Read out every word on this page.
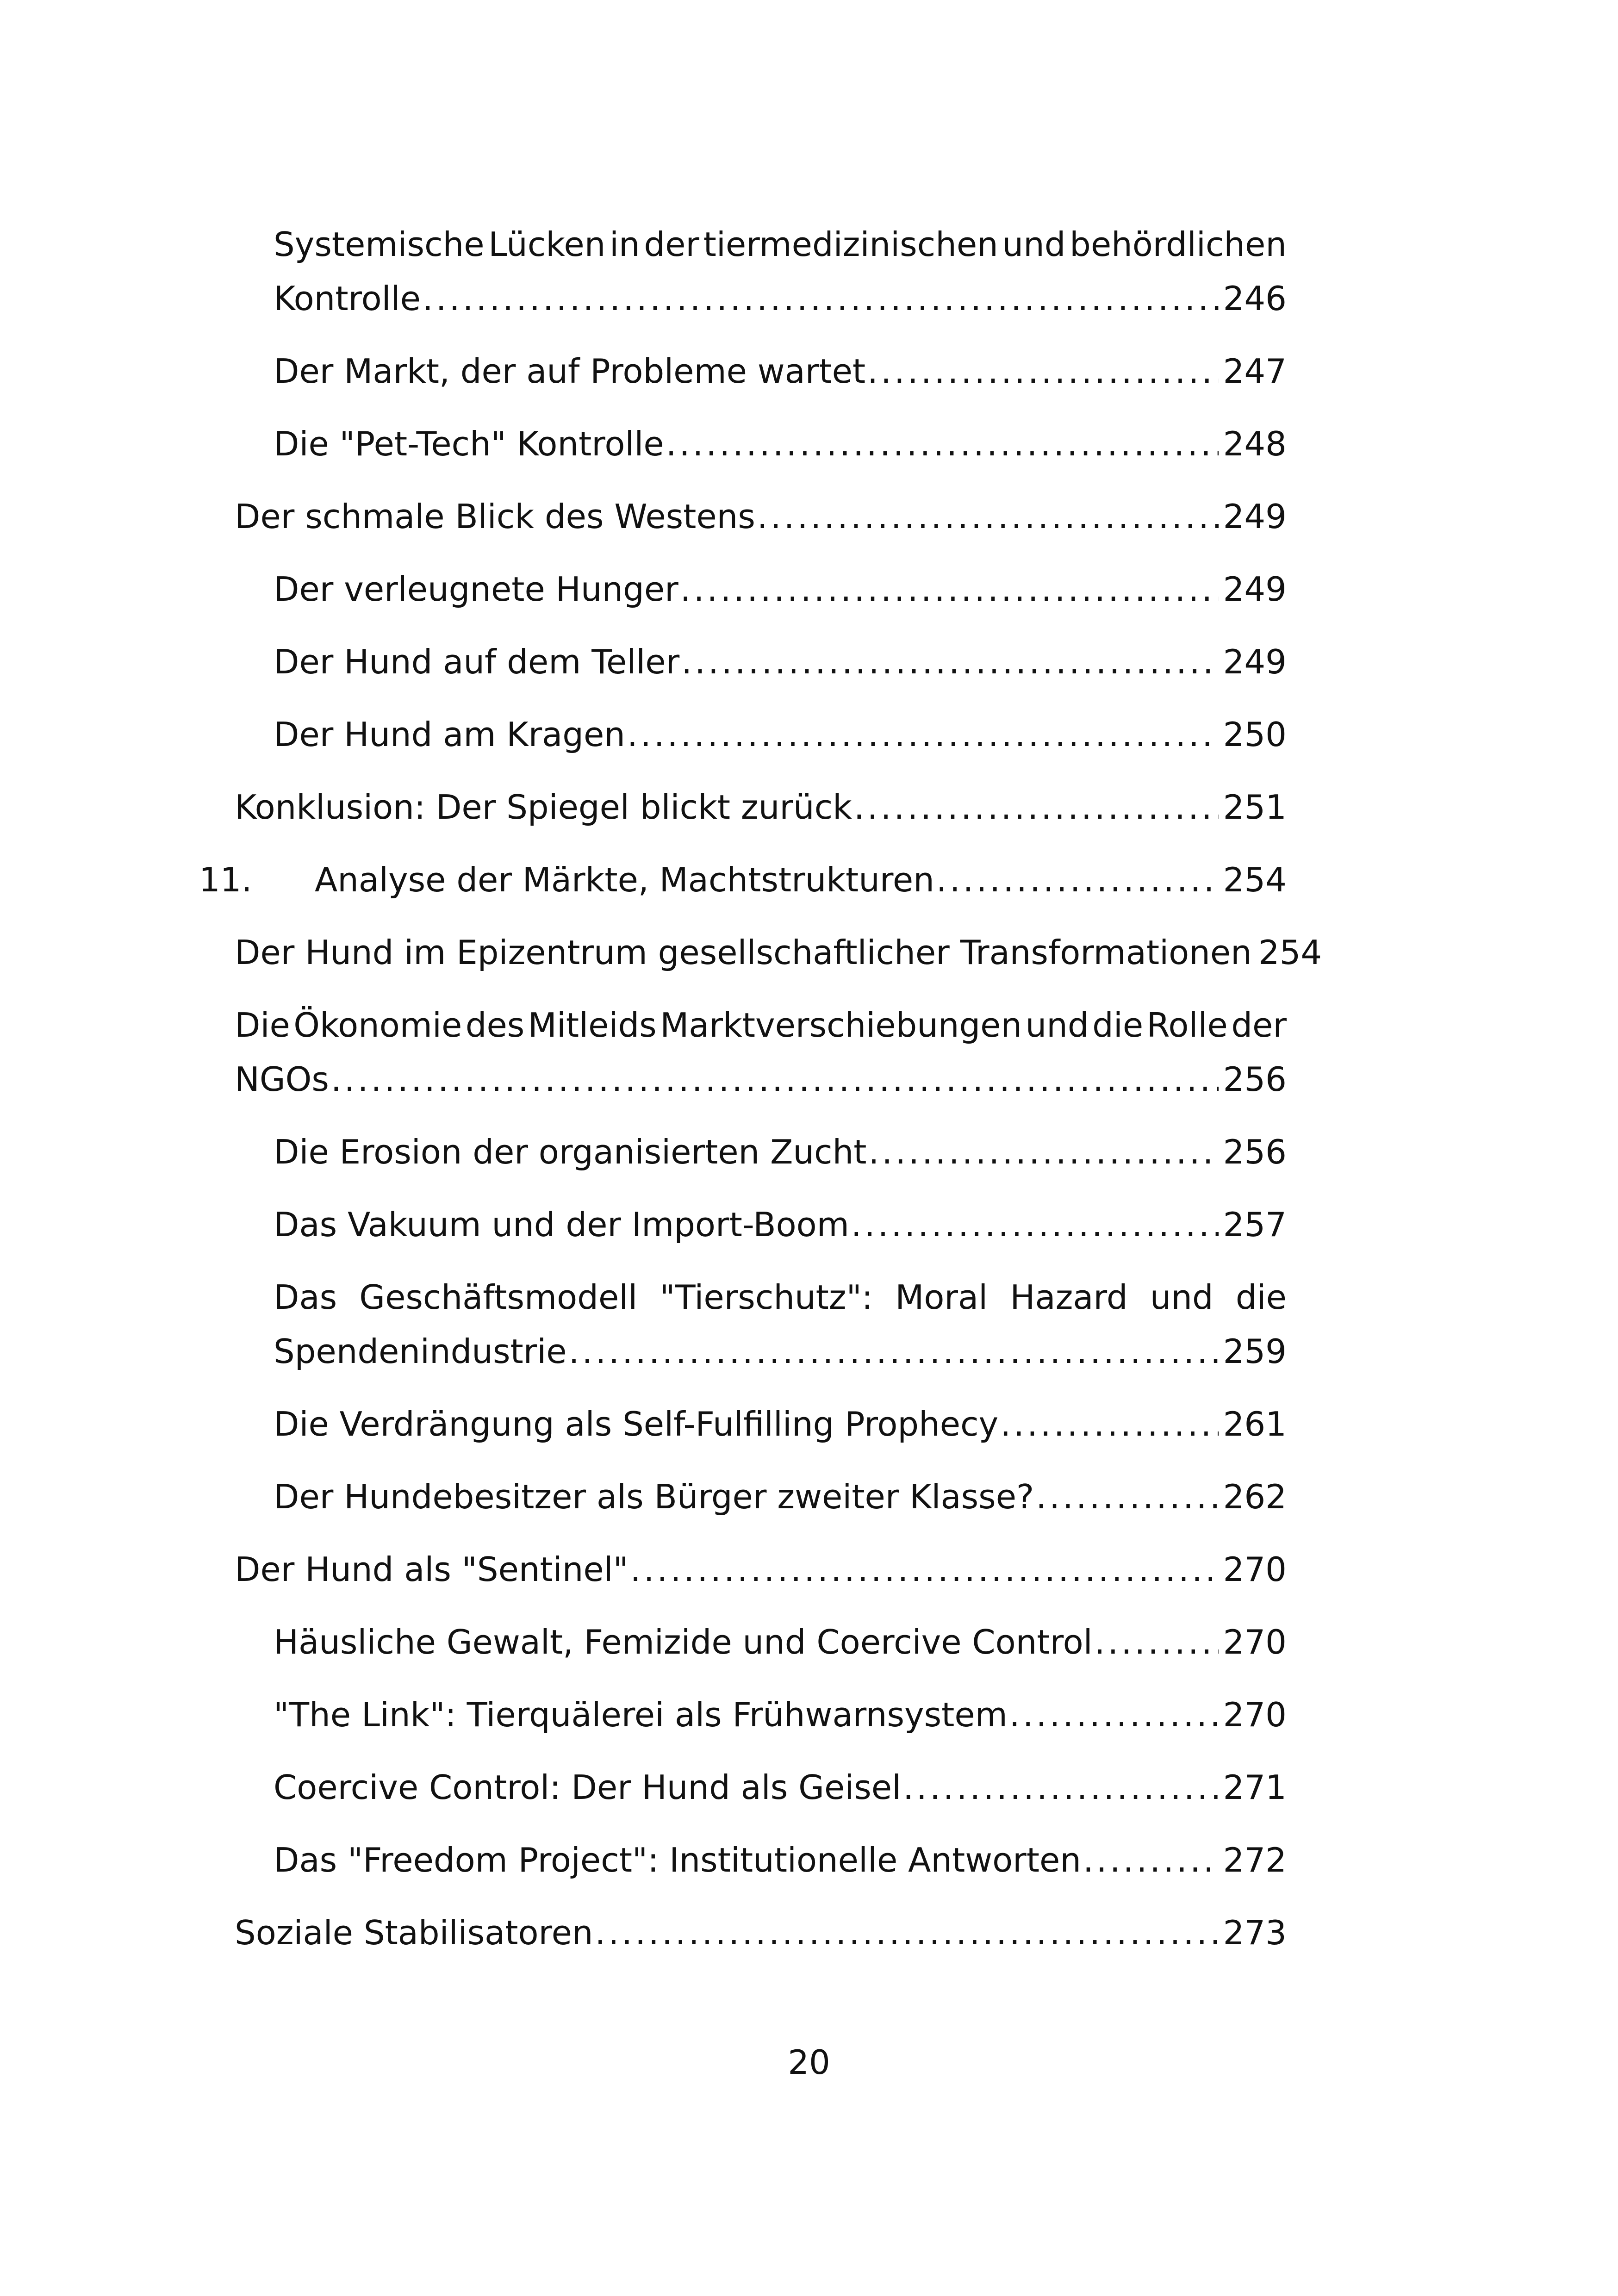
Systemische Lücken in der tiermedizinischen und behördlichen
Kontrolle .....	246
Der Markt, der auf Probleme wartet .....	247
Die "Pet-Tech" Kontrolle .....	248
Der schmale Blick des Westens .....	249
Der verleugnete Hunger .....	249
Der Hund auf dem Teller .....	249
Der Hund am Kragen .....	250
Konklusion: Der Spiegel blickt zurück .....	251
11.	Analyse der Märkte, Machtstrukturen .....	254
Der Hund im Epizentrum gesellschaftlicher Transformationen 254
Die Ökonomie des Mitleids Marktverschiebungen und die Rolle der
NGOs .....	256
Die Erosion der organisierten Zucht .....	256
Das Vakuum und der Import-Boom .....	257
Das Geschäftsmodell "Tierschutz": Moral Hazard und die
Spendenindustrie .....	259
Die Verdrängung als Self-Fulfilling Prophecy .....	261
Der Hundebesitzer als Bürger zweiter Klasse? .....	262
Der Hund als "Sentinel" .....	270
Häusliche Gewalt, Femizide und Coercive Control .....	270
"The Link": Tierquälerei als Frühwarnsystem .....	270
Coercive Control: Der Hund als Geisel .....	271
Das "Freedom Project": Institutionelle Antworten .....	272
Soziale Stabilisatoren .....	273
20
